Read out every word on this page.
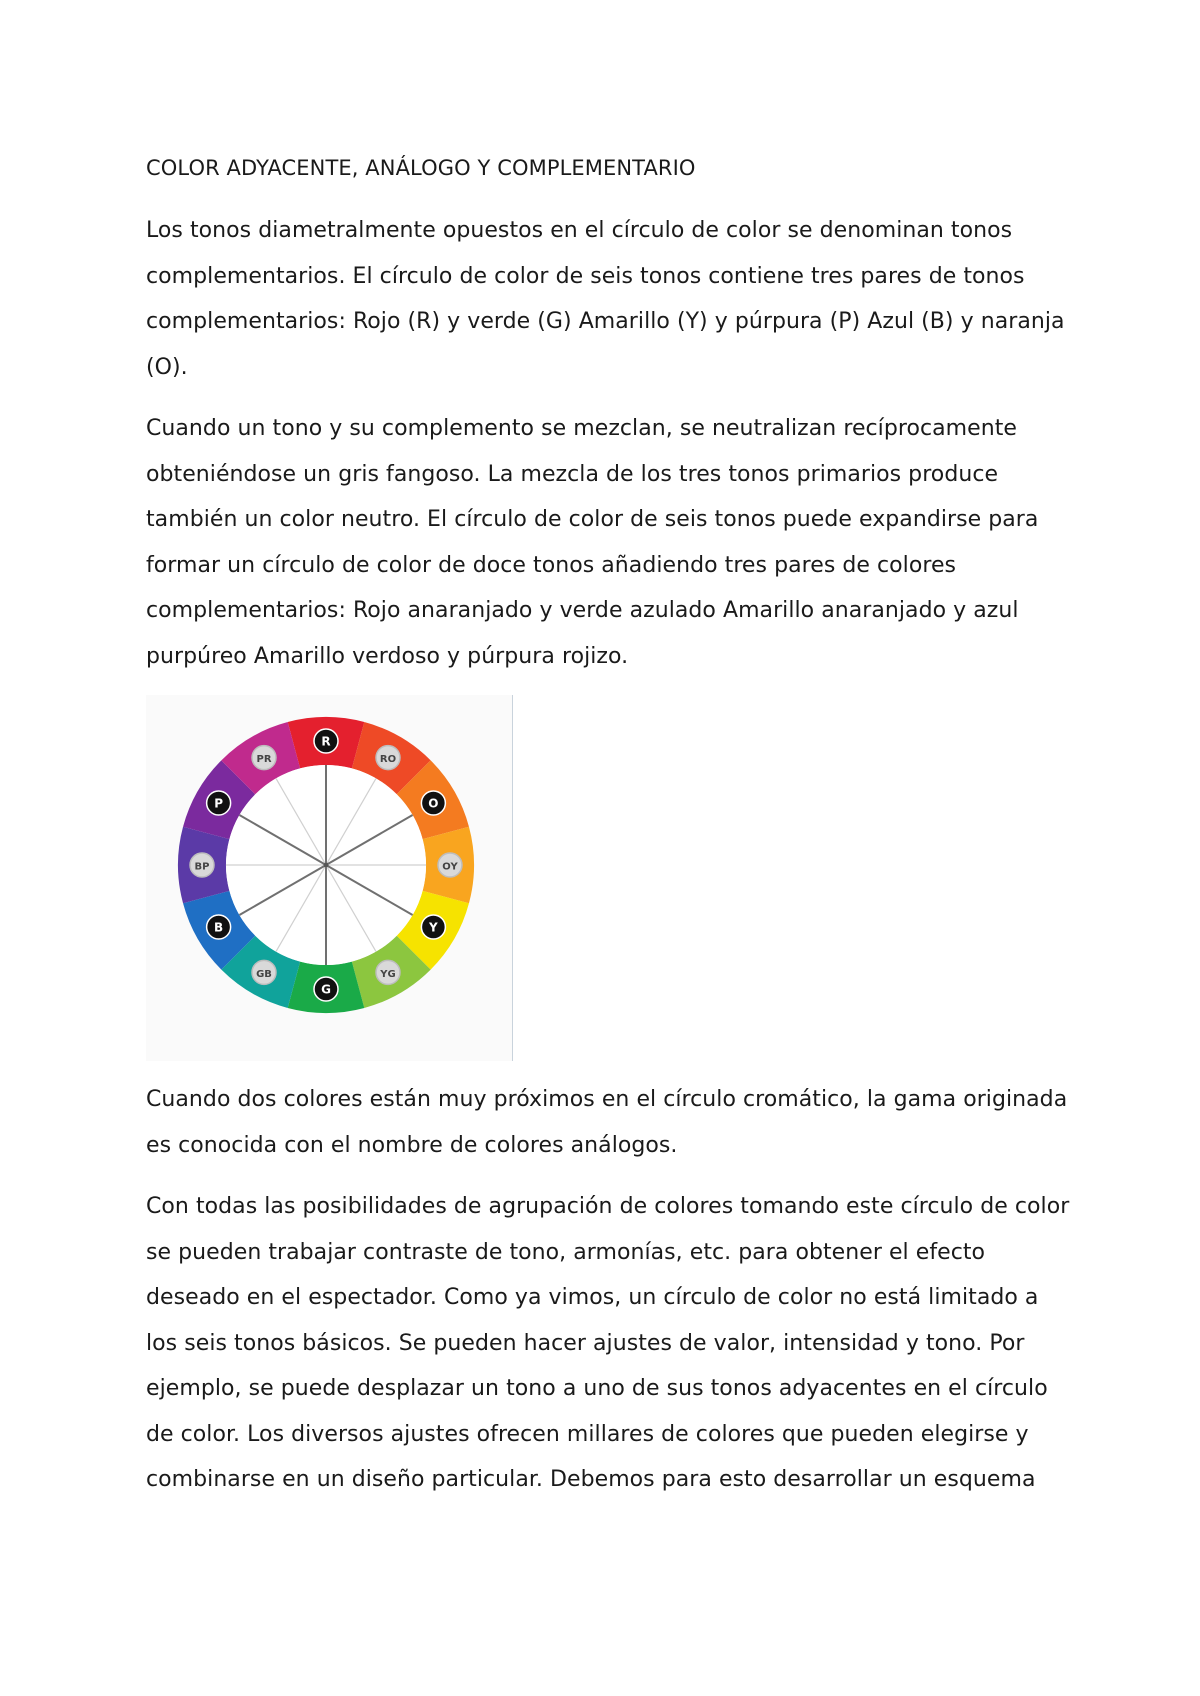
COLOR ADYACENTE, ANÁLOGO Y COMPLEMENTARIO

Los tonos diametralmente opuestos en el círculo de color se denominan tonos complementarios. El círculo de color de seis tonos contiene tres pares de tonos complementarios: Rojo (R) y verde (G) Amarillo (Y) y púrpura (P) Azul (B) y naranja (O).

Cuando un tono y su complemento se mezclan, se neutralizan recíprocamente obteniéndose un gris fangoso. La mezcla de los tres tonos primarios produce también un color neutro. El círculo de color de seis tonos puede expandirse para formar un círculo de color de doce tonos añadiendo tres pares de colores complementarios: Rojo anaranjado y verde azulado Amarillo anaranjado y azul purpúreo Amarillo verdoso y púrpura rojizo.

R
RO
O
OY
Y
YG
G
GB
B
BP
P
PR

Cuando dos colores están muy próximos en el círculo cromático, la gama originada es conocida con el nombre de colores análogos.

Con todas las posibilidades de agrupación de colores tomando este círculo de color se pueden trabajar contraste de tono, armonías, etc. para obtener el efecto deseado en el espectador. Como ya vimos, un círculo de color no está limitado a los seis tonos básicos. Se pueden hacer ajustes de valor, intensidad y tono. Por ejemplo, se puede desplazar un tono a uno de sus tonos adyacentes en el círculo de color. Los diversos ajustes ofrecen millares de colores que pueden elegirse y combinarse en un diseño particular. Debemos para esto desarrollar un esquema
